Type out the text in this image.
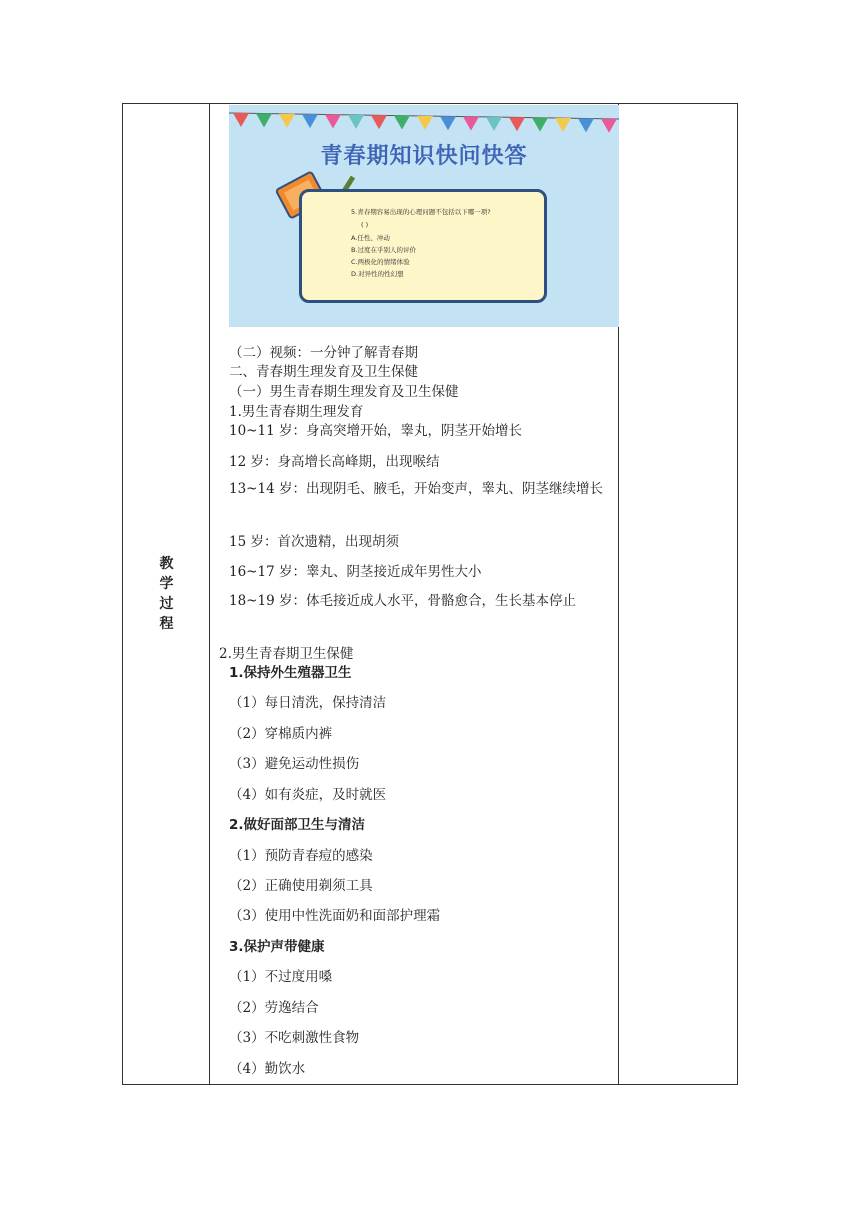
教
学
过
程
青春期知识快问快答
5.青春期容易出现的心理问题不包括以下哪一项?
( )
A.任性、冲动
B.过度在乎别人的评价
C.两极化的情绪体验
D.对异性的性幻想
（二）视频：一分钟了解青春期
二、青春期生理发育及卫生保健
（一）男生青春期生理发育及卫生保健
1.男生青春期生理发育
10~11 岁：身高突增开始，睾丸，阴茎开始增长
12 岁：身高增长高峰期，出现喉结
13~14 岁：出现阴毛、腋毛，开始变声，睾丸、阴茎继续增长
15 岁：首次遗精，出现胡须
16~17 岁：睾丸、阴茎接近成年男性大小
18~19 岁：体毛接近成人水平，骨骼愈合，生长基本停止
2.男生青春期卫生保健
1.保持外生殖器卫生
（1）每日清洗，保持清洁
（2）穿棉质内裤
（3）避免运动性损伤
（4）如有炎症，及时就医
2.做好面部卫生与清洁
（1）预防青春痘的感染
（2）正确使用剃须工具
（3）使用中性洗面奶和面部护理霜
3.保护声带健康
（1）不过度用嗓
（2）劳逸结合
（3）不吃刺激性食物
（4）勤饮水
